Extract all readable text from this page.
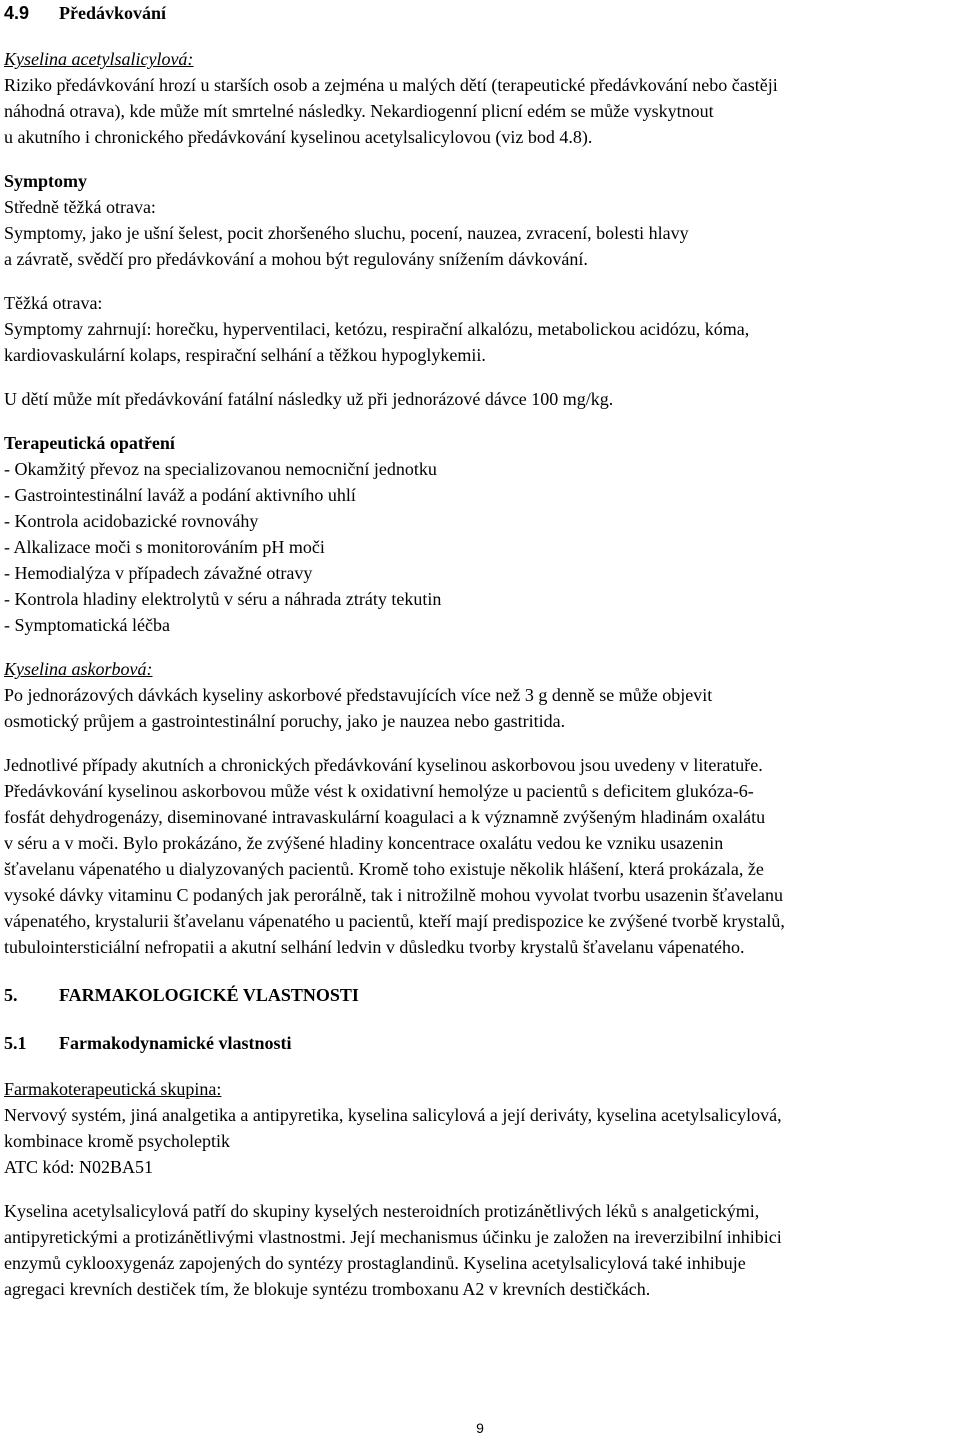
4.9 Předávkování

Kyselina acetylsalicylová:

Riziko předávkování hrozí u starších osob a zejména u malých dětí (terapeutické předávkování nebo častěji

náhodná otrava), kde může mít smrtelné následky. Nekardiogenní plicní edém se může vyskytnout

u akutního i chronického předávkování kyselinou acetylsalicylovou (viz bod 4.8).

Symptomy

Středně těžká otrava:

Symptomy, jako je ušní šelest, pocit zhoršeného sluchu, pocení, nauzea, zvracení, bolesti hlavy

a závratě, svědčí pro předávkování a mohou být regulovány snížením dávkování.

Těžká otrava:

Symptomy zahrnují: horečku, hyperventilaci, ketózu, respirační alkalózu, metabolickou acidózu, kóma,

kardiovaskulární kolaps, respirační selhání a těžkou hypoglykemii.

U dětí může mít předávkování fatální následky už při jednorázové dávce 100 mg/kg.

Terapeutická opatření

- Okamžitý převoz na specializovanou nemocniční jednotku

- Gastrointestinální laváž a podání aktivního uhlí

- Kontrola acidobazické rovnováhy

- Alkalizace moči s monitorováním pH moči

- Hemodialýza v případech závažné otravy

- Kontrola hladiny elektrolytů v séru a náhrada ztráty tekutin

- Symptomatická léčba

Kyselina askorbová:

Po jednorázových dávkách kyseliny askorbové představujících více než 3 g denně se může objevit

osmotický průjem a gastrointestinální poruchy, jako je nauzea nebo gastritida.

Jednotlivé případy akutních a chronických předávkování kyselinou askorbovou jsou uvedeny v literatuře.

Předávkování kyselinou askorbovou může vést k oxidativní hemolýze u pacientů s deficitem glukóza-6-

fosfát dehydrogenázy, diseminované intravaskulární koagulaci a k významně zvýšeným hladinám oxalátu

v séru a v moči. Bylo prokázáno, že zvýšené hladiny koncentrace oxalátu vedou ke vzniku usazenin

šťavelanu vápenatého u dialyzovaných pacientů. Kromě toho existuje několik hlášení, která prokázala, že

vysoké dávky vitaminu C podaných jak perorálně, tak i nitrožilně mohou vyvolat tvorbu usazenin šťavelanu

vápenatého, krystalurii šťavelanu vápenatého u pacientů, kteří mají predispozice ke zvýšené tvorbě krystalů,

tubulointersticiální nefropatii a akutní selhání ledvin v důsledku tvorby krystalů šťavelanu vápenatého.

5. FARMAKOLOGICKÉ VLASTNOSTI

5.1 Farmakodynamické vlastnosti

Farmakoterapeutická skupina:

Nervový systém, jiná analgetika a antipyretika, kyselina salicylová a její deriváty, kyselina acetylsalicylová,

kombinace kromě psycholeptik

ATC kód: N02BA51

Kyselina acetylsalicylová patří do skupiny kyselých nesteroidních protizánětlivých léků s analgetickými,

antipyretickými a protizánětlivými vlastnostmi. Její mechanismus účinku je založen na ireverzibilní inhibici

enzymů cyklooxygenáz zapojených do syntézy prostaglandinů. Kyselina acetylsalicylová také inhibuje

agregaci krevních destiček tím, že blokuje syntézu tromboxanu A2 v krevních destičkách.

9
